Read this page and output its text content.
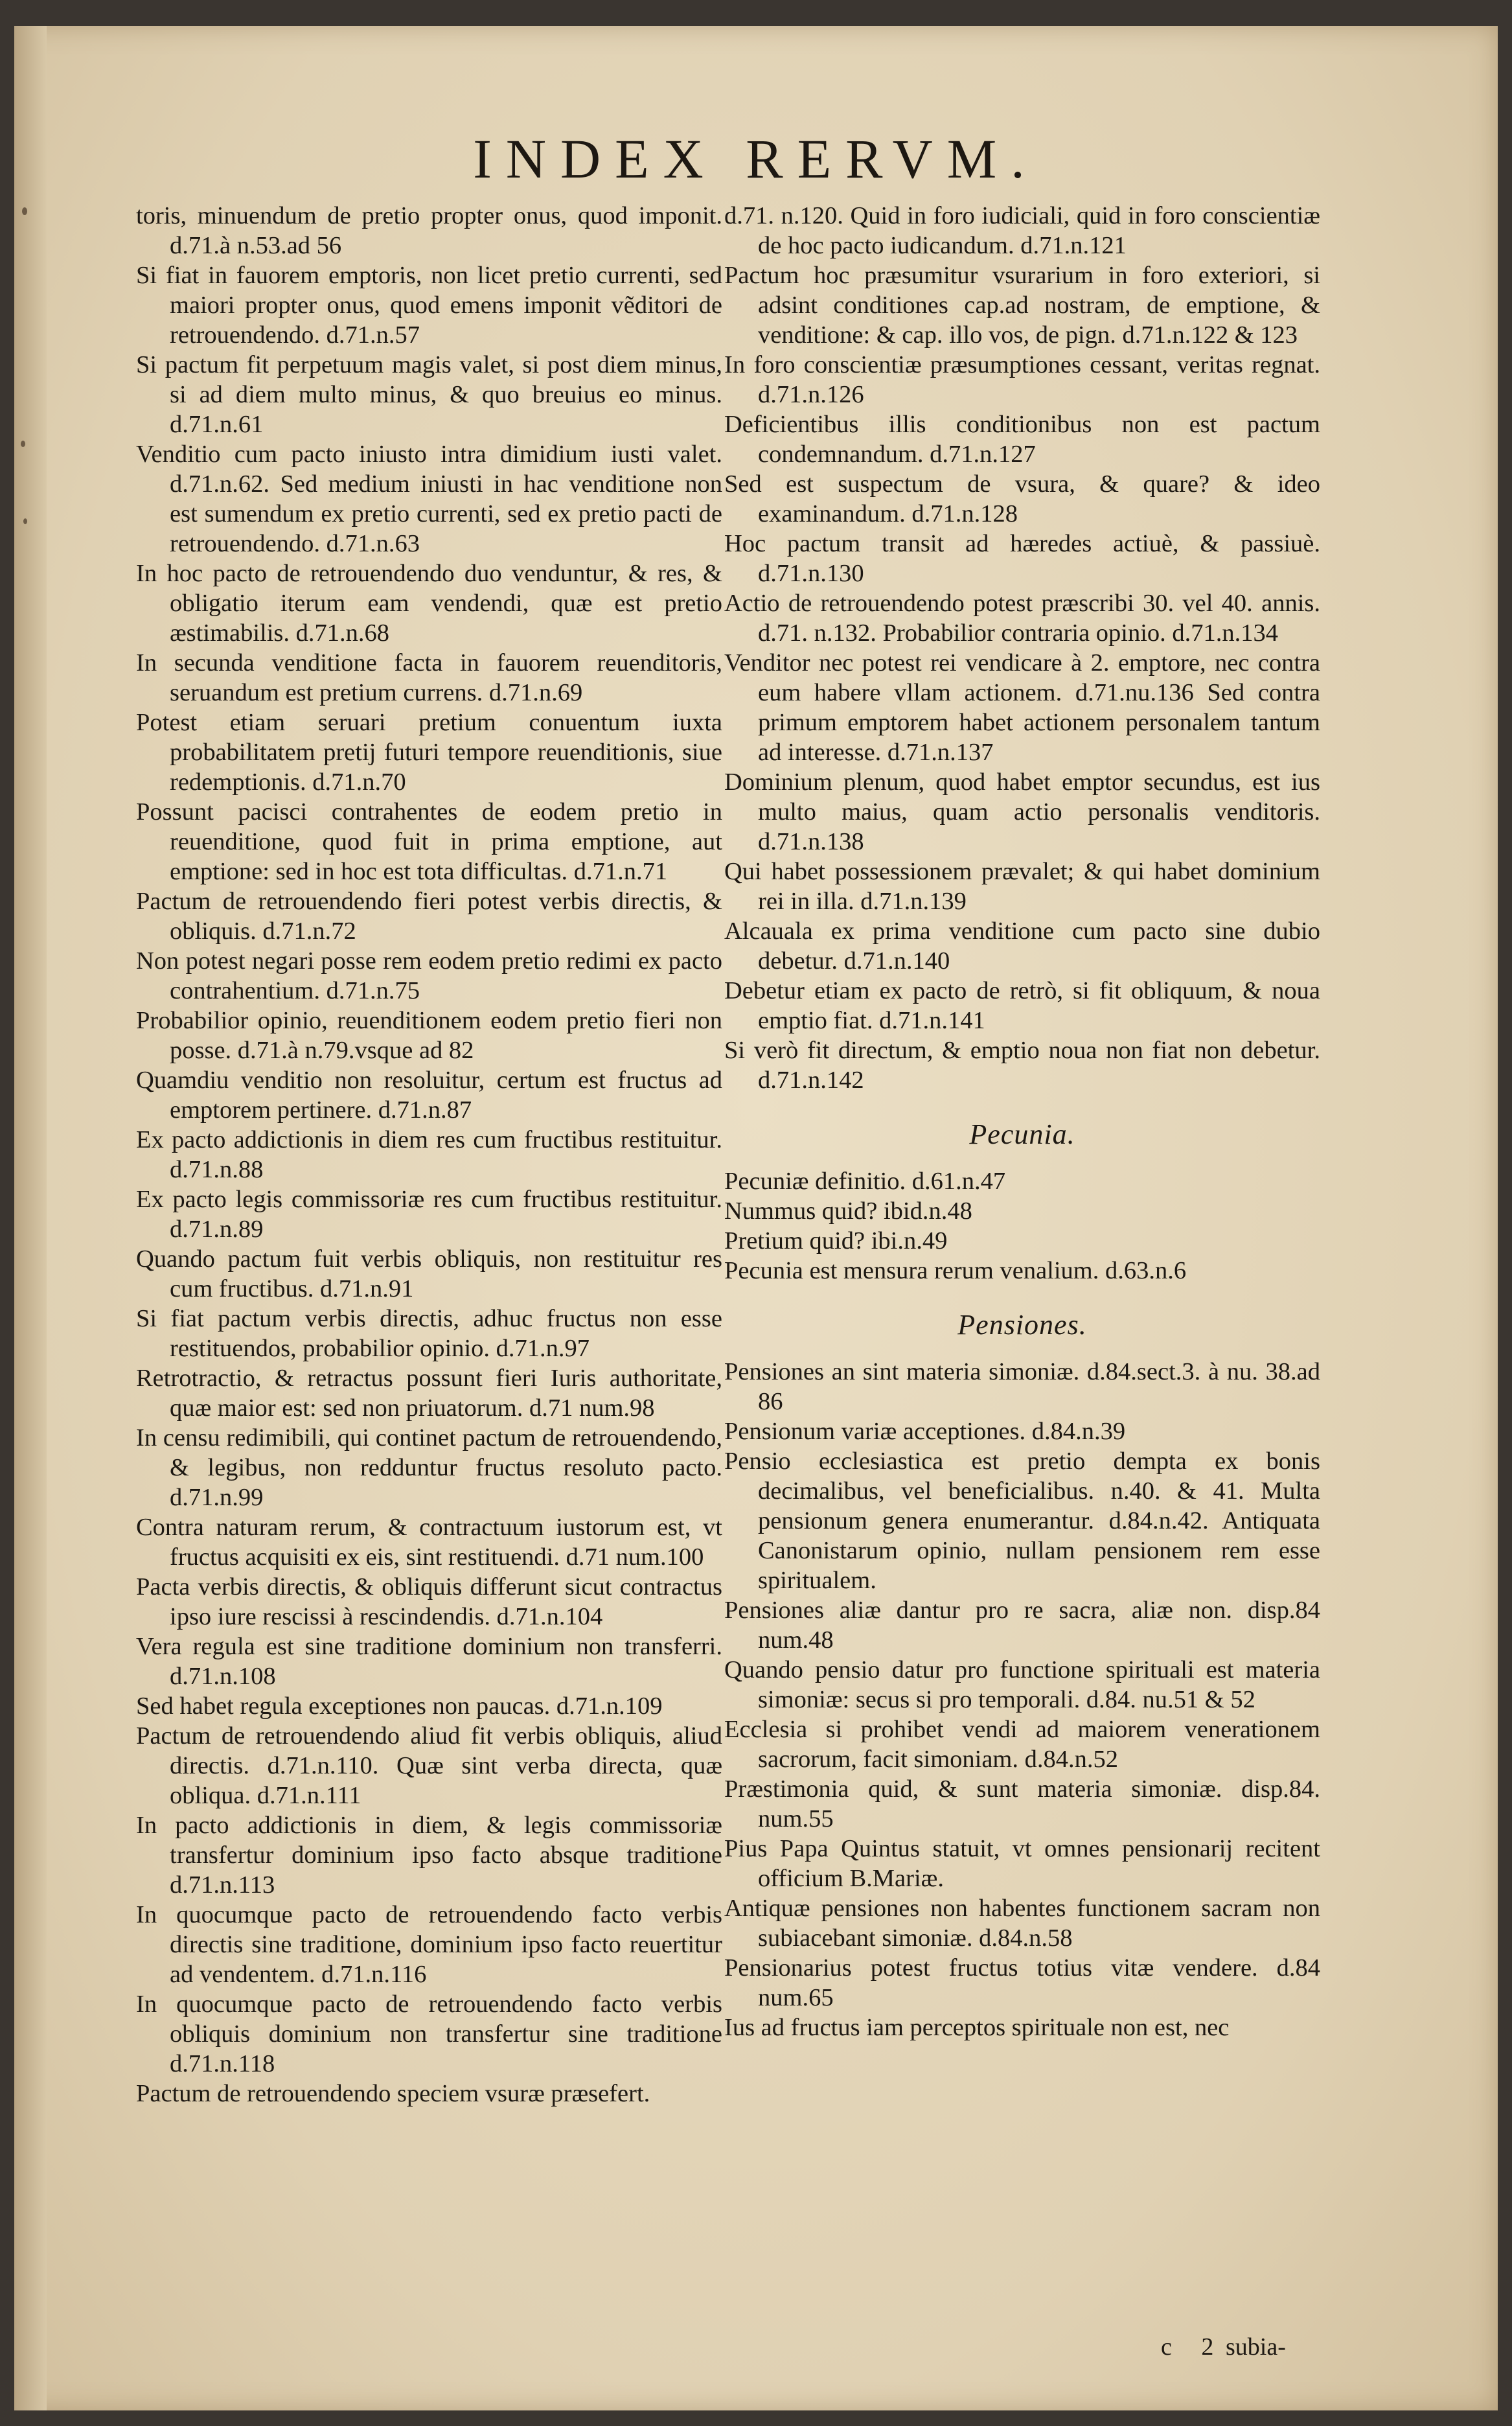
INDEX RERVM.

toris, minuendum de pretio propter onus, quod imponit. d.71.à n.53.ad 56

Si fiat in fauorem emptoris, non licet pretio currenti, sed maiori propter onus, quod emens imponit vẽditori de retrouendendo. d.71.n.57

Si pactum fit perpetuum magis valet, si post diem minus, si ad diem multo minus, & quo breuius eo minus. d.71.n.61

Venditio cum pacto iniusto intra dimidium iusti valet. d.71.n.62. Sed medium iniusti in hac venditione non est sumendum ex pretio currenti, sed ex pretio pacti de retrouendendo. d.71.n.63

In hoc pacto de retrouendendo duo venduntur, & res, & obligatio iterum eam vendendi, quæ est pretio æstimabilis. d.71.n.68

In secunda venditione facta in fauorem reuenditoris, seruandum est pretium currens. d.71.n.69

Potest etiam seruari pretium conuentum iuxta probabilitatem pretij futuri tempore reuenditionis, siue redemptionis. d.71.n.70

Possunt pacisci contrahentes de eodem pretio in reuenditione, quod fuit in prima emptione, aut emptione: sed in hoc est tota difficultas. d.71.n.71

Pactum de retrouendendo fieri potest verbis directis, & obliquis. d.71.n.72

Non potest negari posse rem eodem pretio redimi ex pacto contrahentium. d.71.n.75

Probabilior opinio, reuenditionem eodem pretio fieri non posse. d.71.à n.79.vsque ad 82

Quamdiu venditio non resoluitur, certum est fructus ad emptorem pertinere. d.71.n.87

Ex pacto addictionis in diem res cum fructibus restituitur. d.71.n.88

Ex pacto legis commissoriæ res cum fructibus restituitur. d.71.n.89

Quando pactum fuit verbis obliquis, non restituitur res cum fructibus. d.71.n.91

Si fiat pactum verbis directis, adhuc fructus non esse restituendos, probabilior opinio. d.71.n.97

Retrotractio, & retractus possunt fieri Iuris authoritate, quæ maior est: sed non priuatorum. d.71 num.98

In censu redimibili, qui continet pactum de retrouendendo, & legibus, non redduntur fructus resoluto pacto. d.71.n.99

Contra naturam rerum, & contractuum iustorum est, vt fructus acquisiti ex eis, sint restituendi. d.71 num.100

Pacta verbis directis, & obliquis differunt sicut contractus ipso iure rescissi à rescindendis. d.71.n.104

Vera regula est sine traditione dominium non transferri. d.71.n.108

Sed habet regula exceptiones non paucas. d.71.n.109

Pactum de retrouendendo aliud fit verbis obliquis, aliud directis. d.71.n.110. Quæ sint verba directa, quæ obliqua. d.71.n.111

In pacto addictionis in diem, & legis commissoriæ transfertur dominium ipso facto absque traditione d.71.n.113

In quocumque pacto de retrouendendo facto verbis directis sine traditione, dominium ipso facto reuertitur ad vendentem. d.71.n.116

In quocumque pacto de retrouendendo facto verbis obliquis dominium non transfertur sine traditione d.71.n.118

Pactum de retrouendendo speciem vsuræ præsefert.

d.71. n.120. Quid in foro iudiciali, quid in foro conscientiæ de hoc pacto iudicandum. d.71.n.121

Pactum hoc præsumitur vsurarium in foro exteriori, si adsint conditiones cap.ad nostram, de emptione, & venditione: & cap. illo vos, de pign. d.71.n.122 & 123

In foro conscientiæ præsumptiones cessant, veritas regnat. d.71.n.126

Deficientibus illis conditionibus non est pactum condemnandum. d.71.n.127

Sed est suspectum de vsura, & quare? & ideo examinandum. d.71.n.128

Hoc pactum transit ad hæredes actiuè, & passiuè. d.71.n.130

Actio de retrouendendo potest præscribi 30. vel 40. annis. d.71. n.132. Probabilior contraria opinio. d.71.n.134

Venditor nec potest rei vendicare à 2. emptore, nec contra eum habere vllam actionem. d.71.nu.136 Sed contra primum emptorem habet actionem personalem tantum ad interesse. d.71.n.137

Dominium plenum, quod habet emptor secundus, est ius multo maius, quam actio personalis venditoris. d.71.n.138

Qui habet possessionem prævalet; & qui habet dominium rei in illa. d.71.n.139

Alcauala ex prima venditione cum pacto sine dubio debetur. d.71.n.140

Debetur etiam ex pacto de retrò, si fit obliquum, & noua emptio fiat. d.71.n.141

Si verò fit directum, & emptio noua non fiat non debetur. d.71.n.142

Pecunia.

Pecuniæ definitio. d.61.n.47

Nummus quid? ibid.n.48

Pretium quid? ibi.n.49

Pecunia est mensura rerum venalium. d.63.n.6

Pensiones.

Pensiones an sint materia simoniæ. d.84.sect.3. à nu. 38.ad 86

Pensionum variæ acceptiones. d.84.n.39

Pensio ecclesiastica est pretio dempta ex bonis decimalibus, vel beneficialibus. n.40. & 41. Multa pensionum genera enumerantur. d.84.n.42. Antiquata Canonistarum opinio, nullam pensionem rem esse spiritualem.

Pensiones aliæ dantur pro re sacra, aliæ non. disp.84 num.48

Quando pensio datur pro functione spirituali est materia simoniæ: secus si pro temporali. d.84. nu.51 & 52

Ecclesia si prohibet vendi ad maiorem venerationem sacrorum, facit simoniam. d.84.n.52

Præstimonia quid, & sunt materia simoniæ. disp.84. num.55

Pius Papa Quintus statuit, vt omnes pensionarij recitent officium B.Mariæ.

Antiquæ pensiones non habentes functionem sacram non subiacebant simoniæ. d.84.n.58

Pensionarius potest fructus totius vitæ vendere. d.84 num.65

Ius ad fructus iam perceptos spirituale non est, nec

c 2 subia-
